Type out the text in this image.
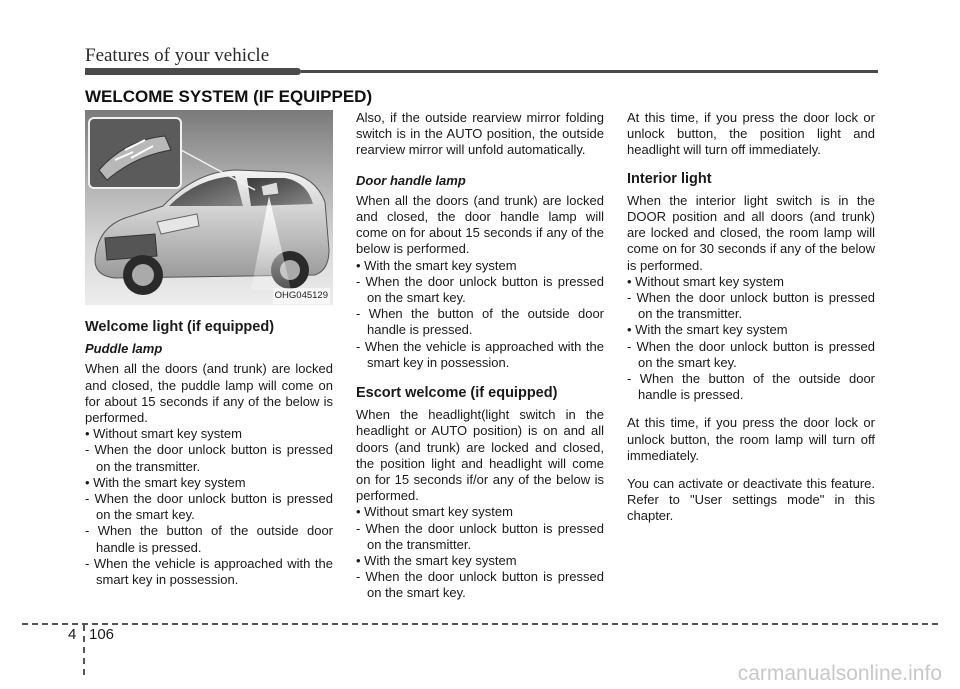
Features of your vehicle
WELCOME SYSTEM (IF EQUIPPED)
OHG045129
Welcome light (if equipped)
Puddle lamp

When all the doors (and trunk) are locked and closed, the puddle lamp will come on for about 15 seconds if any of the below is performed.

• Without smart key system

- When the door unlock button is pressed on the transmitter.

• With the smart key system

- When the door unlock button is pressed on the smart key.

- When the button of the outside door handle is pressed.

- When the vehicle is approached with the smart key in possession.

Also, if the outside rearview mirror folding switch is in the AUTO position, the outside rearview mirror will unfold automatically.

Door handle lamp

When all the doors (and trunk) are locked and closed, the door handle lamp will come on for about 15 seconds if any of the below is performed.

• With the smart key system

- When the door unlock button is pressed on the smart key.

- When the button of the outside door handle is pressed.

- When the vehicle is approached with the smart key in possession.

Escort welcome (if equipped)

When the headlight(light switch in the headlight or AUTO position) is on and all doors (and trunk) are locked and closed, the position light and headlight will come on for 15 seconds if/or any of the below is performed.

• Without smart key system

- When the door unlock button is pressed on the transmitter.

• With the smart key system

- When the door unlock button is pressed on the smart key.

At this time, if you press the door lock or unlock button, the position light and headlight will turn off immediately.

Interior light

When the interior light switch is in the DOOR position and all doors (and trunk) are locked and closed, the room lamp will come on for 30 seconds if any of the below is performed.

• Without smart key system

- When the door unlock button is pressed on the transmitter.

• With the smart key system

- When the door unlock button is pressed on the smart key.

- When the button of the outside door handle is pressed.

At this time, if you press the door lock or unlock button, the room lamp will turn off immediately.

You can activate or deactivate this feature. Refer to "User settings mode" in this chapter.

4 106
carmanualsonline.info
